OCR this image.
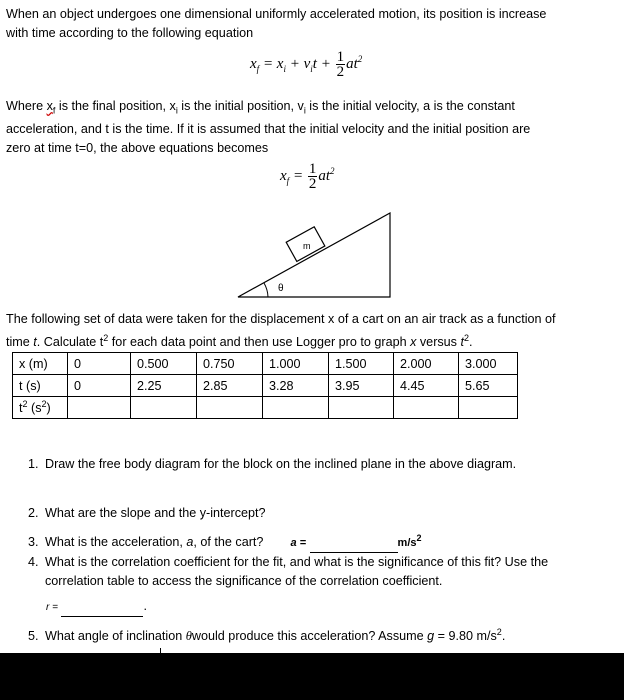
When an object undergoes one dimensional uniformly accelerated motion, its position is increase
with time according to the following equation

$x_f = x_i + v_it + \frac{1}{2} at^2$

Where $x_f$ is the final position, $x_i$ is the initial position, $v_i$ is the initial velocity, a is the constant
acceleration, and t is the time. If it is assumed that the initial velocity and the initial position are
zero at time t=0, the above equations becomes

$x_f = \frac{1}{2} at^2$
m
θ

The following set of data were taken for the displacement x of a cart on an air track as a function of
time t. Calculate $t^2$ for each data point and then use Logger pro to graph x versus $t^2$.

x (m)	0	0.500	0.750	1.000	1.500	2.000	3.000
t (s)	0	2.25	2.85	3.28	3.95	4.45	5.65
$t^2$ $(s^2)$							
1. Draw the free body diagram for the block on the inclined plane in the above diagram.
2. What are the slope and the y-intercept?
3. What is the acceleration, a, of the cart? a =	$m/s^2$
4. What is the correlation coefficient for the fit, and what is the significance of this fit? Use the
correlation table to access the significance of the correlation coefficient.
r =	.
5. What angle of inclination θwould produce this acceleration? Assume g = 9.80 $m/s^2$.
